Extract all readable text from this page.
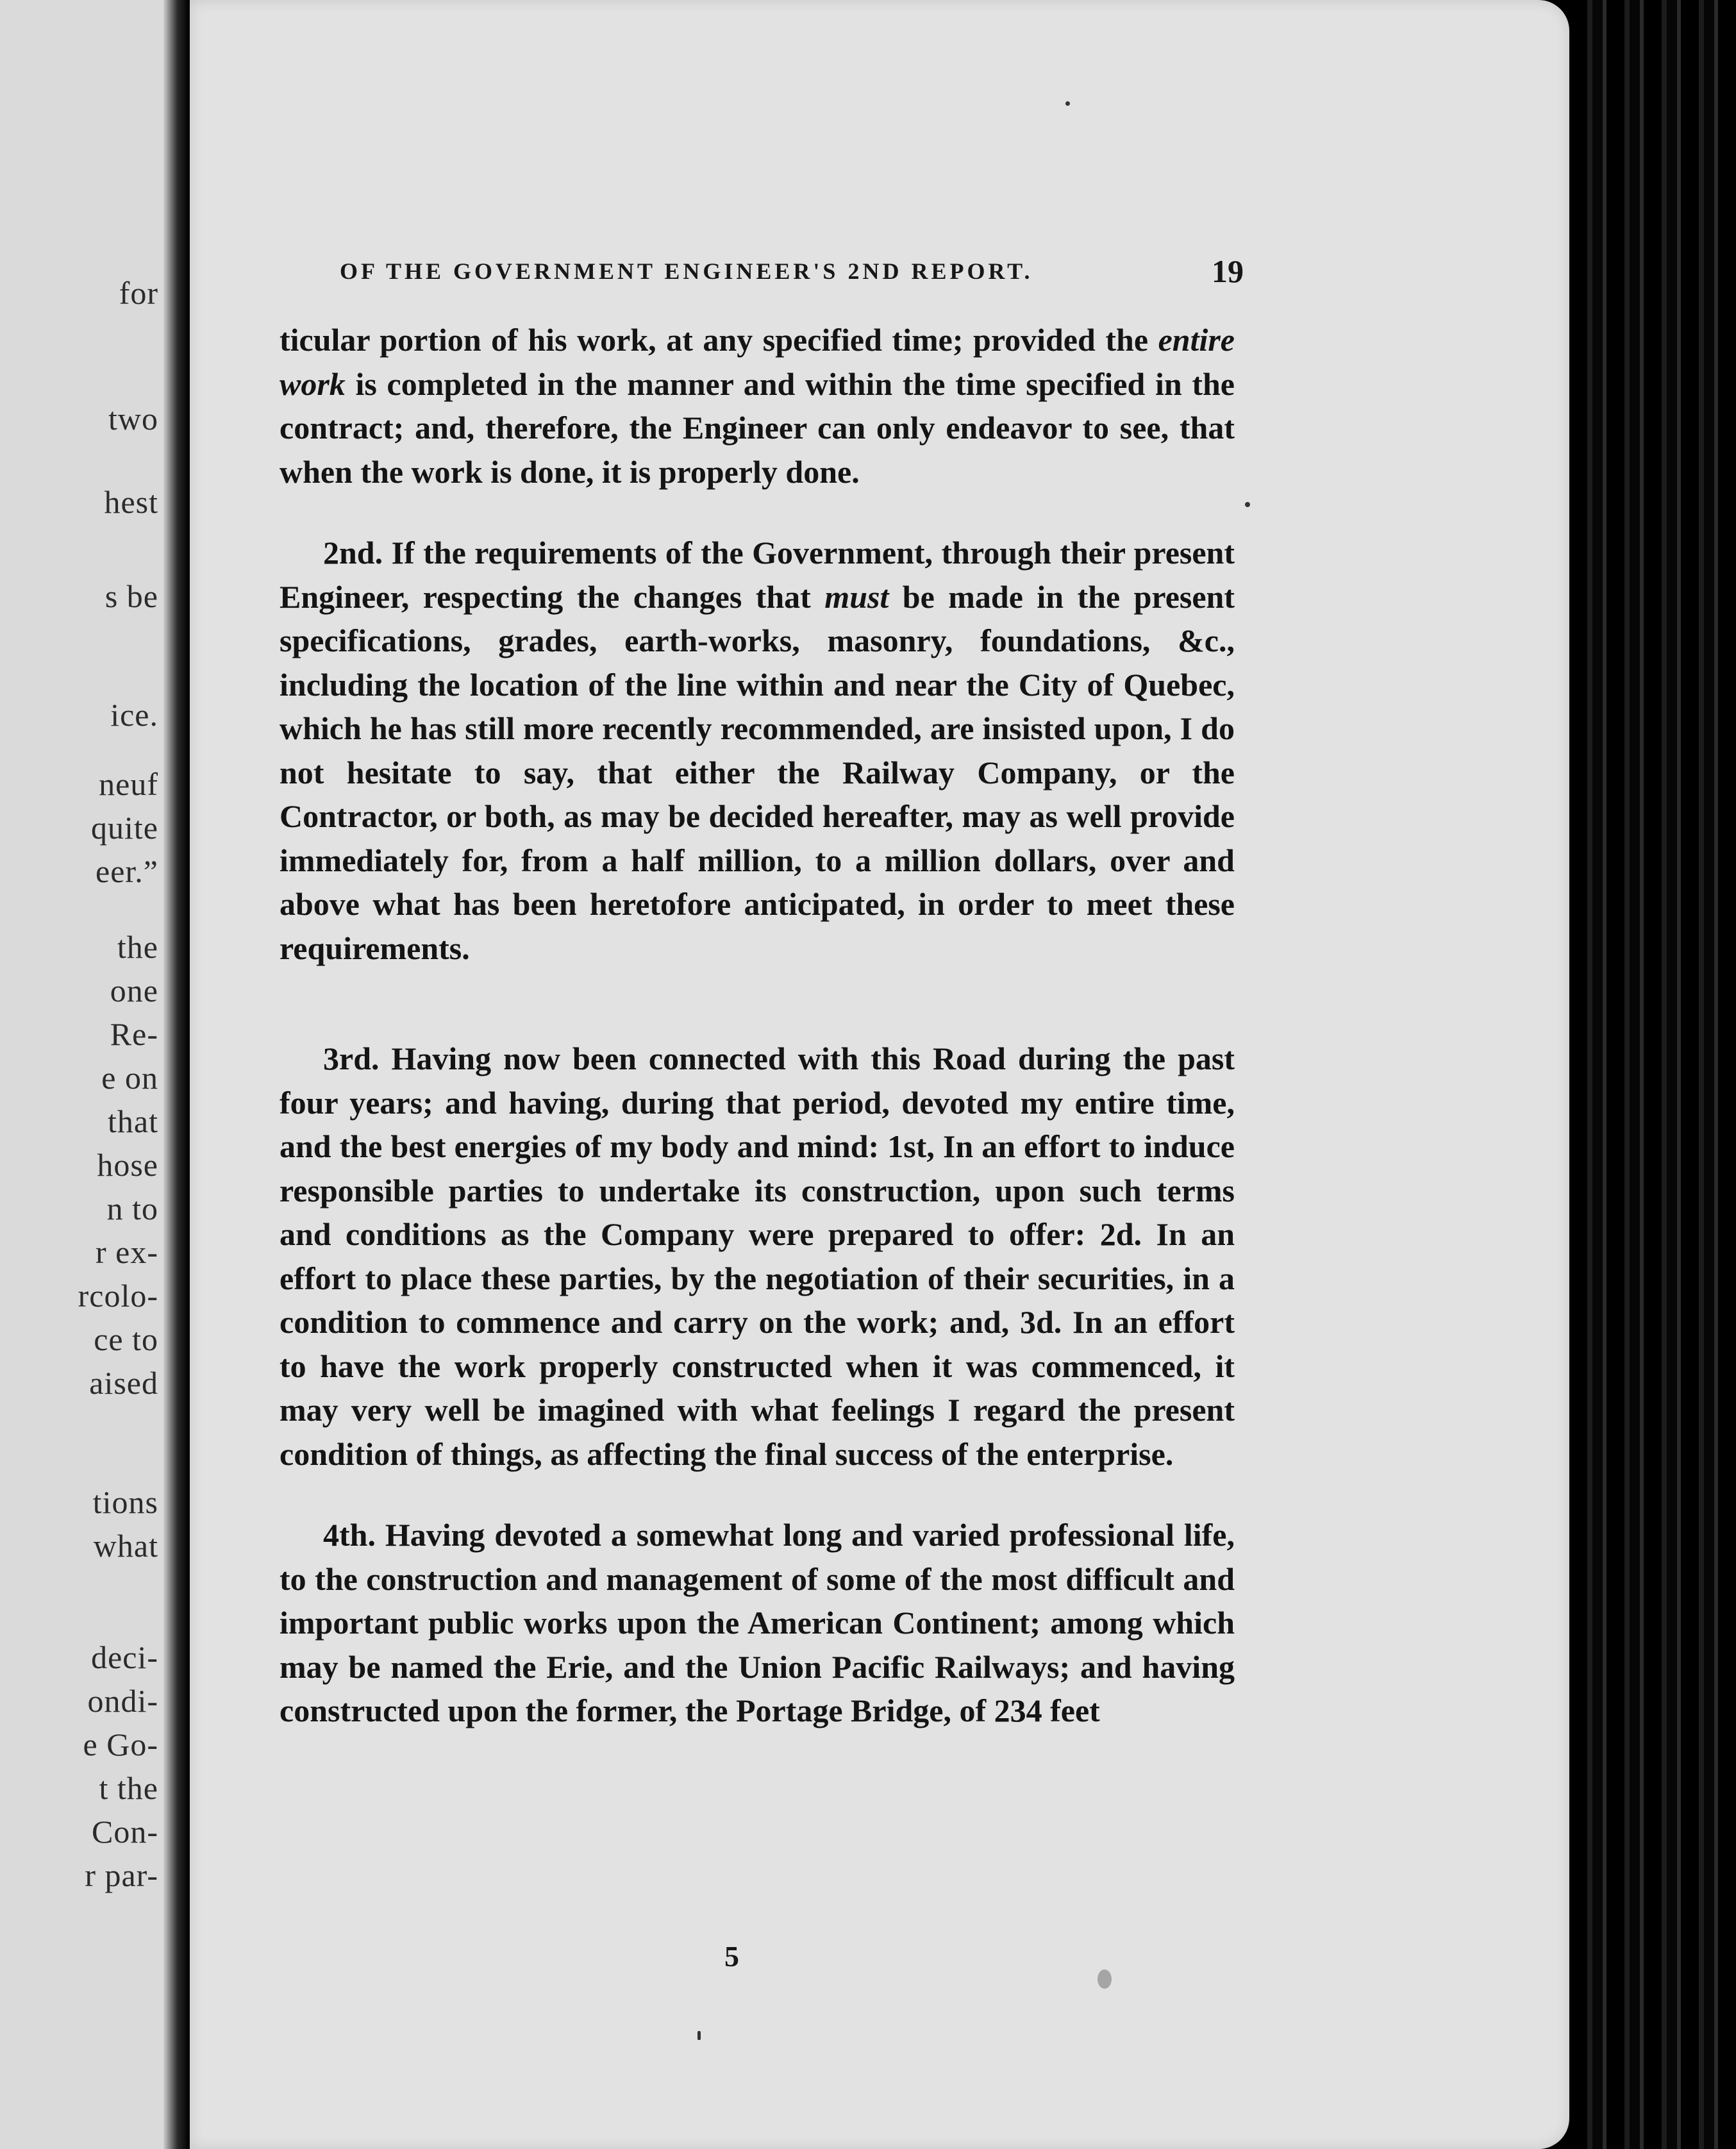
for
two
hest
s be
ice.
neuf
quite
eer.”
the
one
Re-
e on
that
hose
n to
r ex-
rcolo-
ce to
aised
tions
what
deci-
ondi-
e Go-
t the
Con-
r par-
OF THE GOVERNMENT ENGINEER'S 2ND REPORT.	19

ticular portion of his work, at any specified time; provided the entire work is completed in the manner and within the time specified in the contract; and, therefore, the Engineer can only endeavor to see, that when the work is done, it is properly done.

2nd. If the requirements of the Government, through their present Engineer, respecting the changes that must be made in the present specifications, grades, earth-works, masonry, foundations, &c., including the location of the line within and near the City of Quebec, which he has still more recently recommended, are insisted upon, I do not hesitate to say, that either the Railway Company, or the Contractor, or both, as may be decided hereafter, may as well provide immediately for, from a half million, to a million dollars, over and above what has been heretofore anticipated, in order to meet these requirements.

3rd. Having now been connected with this Road during the past four years; and having, during that period, devoted my entire time, and the best energies of my body and mind: 1st, In an effort to induce responsible parties to undertake its construction, upon such terms and conditions as the Company were prepared to offer: 2d. In an effort to place these parties, by the negotiation of their securities, in a condition to commence and carry on the work; and, 3d. In an effort to have the work properly constructed when it was commenced, it may very well be imagined with what feelings I regard the present condition of things, as affecting the final success of the enterprise.

4th. Having devoted a somewhat long and varied professional life, to the construction and management of some of the most difficult and important public works upon the American Continent; among which may be named the Erie, and the Union Pacific Railways; and having constructed upon the former, the Portage Bridge, of 234 feet

5
